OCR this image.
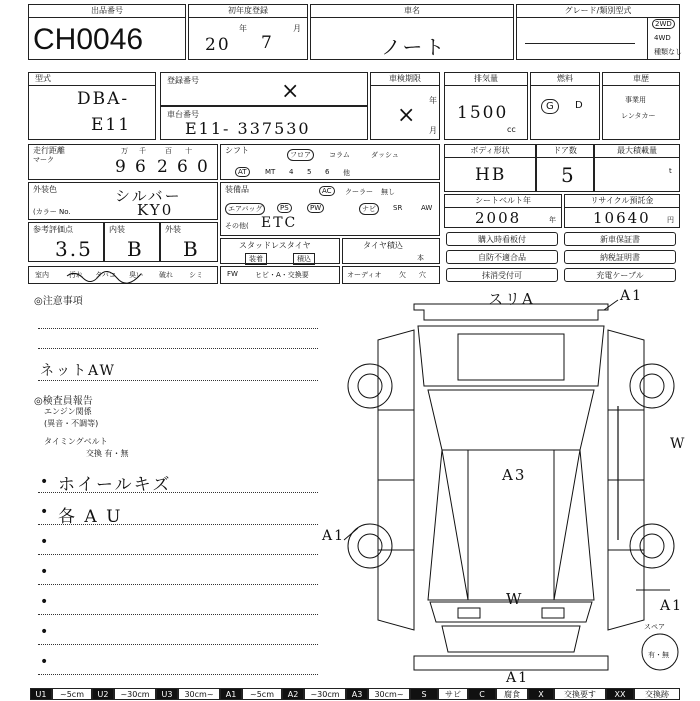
出品番号
CH0046
初年度登録
20
年
7
月
車名
ノート
グレード/類別型式
2WD
4WD
種類なし
型式
DBA-
E11
登録番号	×
車台番号
E11- 337530
車検期限
年
月
×
排気量
1500
cc
燃料
G	D
車歴
事業用
レンタカー
走行距離
マーク
万 千	百 十
9 6 2 6 0
シフト	フロア	コラム	ダッシュ
AT	MT 4 5 6 他
ボディ形状
HB
ドア数
5
最大積載量
t
外装色
(カラー No.
シルバー
KY0
装備品	AC	クーラー 無し
エアバッグ	PS	PW	ナビ	SR	AW
その他( ETC
シートベルト年
2008	年
リサイクル預託金
10640 円
参考評価点
3.5
内装
B
外装
B	スタッドレスタイヤ
装着	積込
タイヤ積込
本
購入時看板付	新車保証書
自防不適合品	納税証明書
抹消受付可	充電ケーブル
室内	汚れ タバコ 臭い 破れ シミ	FW ヒビ・A・交換要	オーディオ	欠 穴
◎注意事項
ネットAW
◎検査員報告
エンジン関係
(異音・不調等)
タイミングベルト
交換 有・無
• ホイールキズ
• 各 A U
•
•
•
•
•
スリA	A1
A3
W
A1
A1
W
A1
スペア
有・無
U1	~5cm	U2	~30cm	U3	30cm~	A1	~5cm	A2	~30cm	A3	30cm~	S	サビ	C	腐食	X	交換要す	XX	交換跡
